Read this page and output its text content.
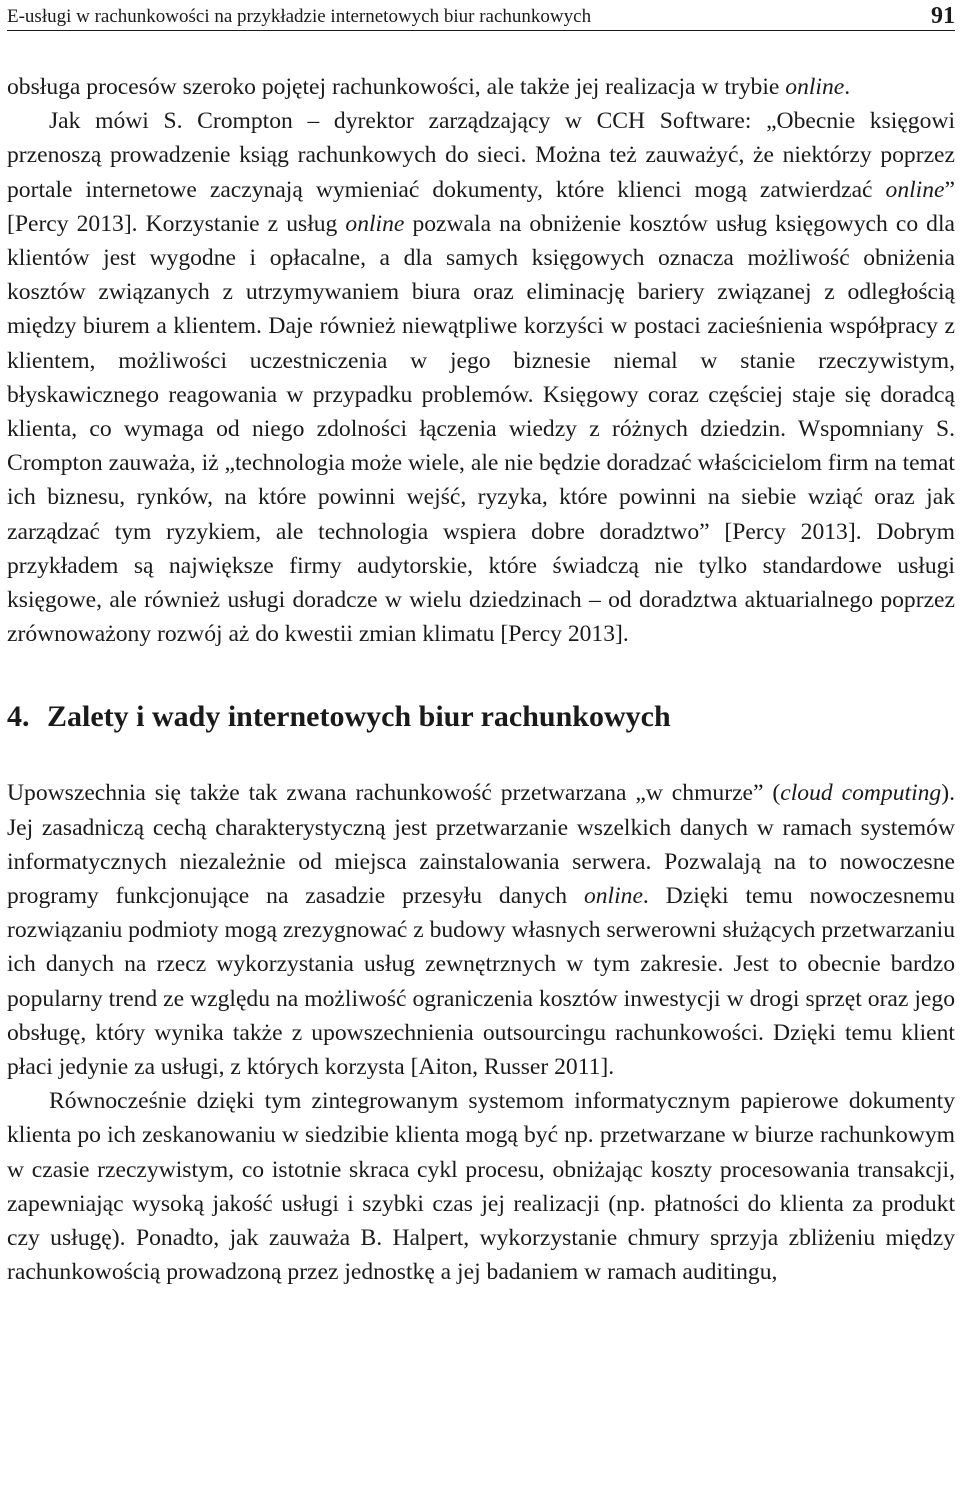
E-usługi w rachunkowości na przykładzie internetowych biur rachunkowych	91

obsługa procesów szeroko pojętej rachunkowości, ale także jej realizacja w trybie online.

Jak mówi S. Crompton – dyrektor zarządzający w CCH Software: „Obecnie księgowi przenoszą prowadzenie ksiąg rachunkowych do sieci. Można też zauważyć, że niektórzy poprzez portale internetowe zaczynają wymieniać dokumenty, które klienci mogą zatwierdzać online” [Percy 2013]. Korzystanie z usług online pozwala na obniżenie kosztów usług księgowych co dla klientów jest wygodne i opłacalne, a dla samych księgowych oznacza możliwość obniżenia kosztów związanych z utrzymywaniem biura oraz eliminację bariery związanej z odległością między biurem a klientem. Daje również niewątpliwe korzyści w postaci zacieśnienia współpracy z klientem, możliwości uczestniczenia w jego biznesie niemal w stanie rzeczywistym, błyskawicznego reagowania w przypadku problemów. Księgowy coraz częściej staje się doradcą klienta, co wymaga od niego zdolności łączenia wiedzy z różnych dziedzin. Wspomniany S. Crompton zauważa, iż „technologia może wiele, ale nie będzie doradzać właścicielom firm na temat ich biznesu, rynków, na które powinni wejść, ryzyka, które powinni na siebie wziąć oraz jak zarządzać tym ryzykiem, ale technologia wspiera dobre doradztwo” [Percy 2013]. Dobrym przykładem są największe firmy audytorskie, które świadczą nie tylko standardowe usługi księgowe, ale również usługi doradcze w wielu dziedzinach – od doradztwa aktuarialnego poprzez zrównoważony rozwój aż do kwestii zmian klimatu [Percy 2013].

4. Zalety i wady internetowych biur rachunkowych

Upowszechnia się także tak zwana rachunkowość przetwarzana „w chmurze” (cloud computing). Jej zasadniczą cechą charakterystyczną jest przetwarzanie wszelkich danych w ramach systemów informatycznych niezależnie od miejsca zainstalowania serwera. Pozwalają na to nowoczesne programy funkcjonujące na zasadzie przesyłu danych online. Dzięki temu nowoczesnemu rozwiązaniu podmioty mogą zrezygnować z budowy własnych serwerowni służących przetwarzaniu ich danych na rzecz wykorzystania usług zewnętrznych w tym zakresie. Jest to obecnie bardzo popularny trend ze względu na możliwość ograniczenia kosztów inwestycji w drogi sprzęt oraz jego obsługę, który wynika także z upowszechnienia outsourcingu rachunkowości. Dzięki temu klient płaci jedynie za usługi, z których korzysta [Aiton, Russer 2011].

Równocześnie dzięki tym zintegrowanym systemom informatycznym papierowe dokumenty klienta po ich zeskanowaniu w siedzibie klienta mogą być np. przetwarzane w biurze rachunkowym w czasie rzeczywistym, co istotnie skraca cykl procesu, obniżając koszty procesowania transakcji, zapewniając wysoką jakość usługi i szybki czas jej realizacji (np. płatności do klienta za produkt czy usługę). Ponadto, jak zauważa B. Halpert, wykorzystanie chmury sprzyja zbliżeniu między rachunkowością prowadzoną przez jednostkę a jej badaniem w ramach auditingu,
